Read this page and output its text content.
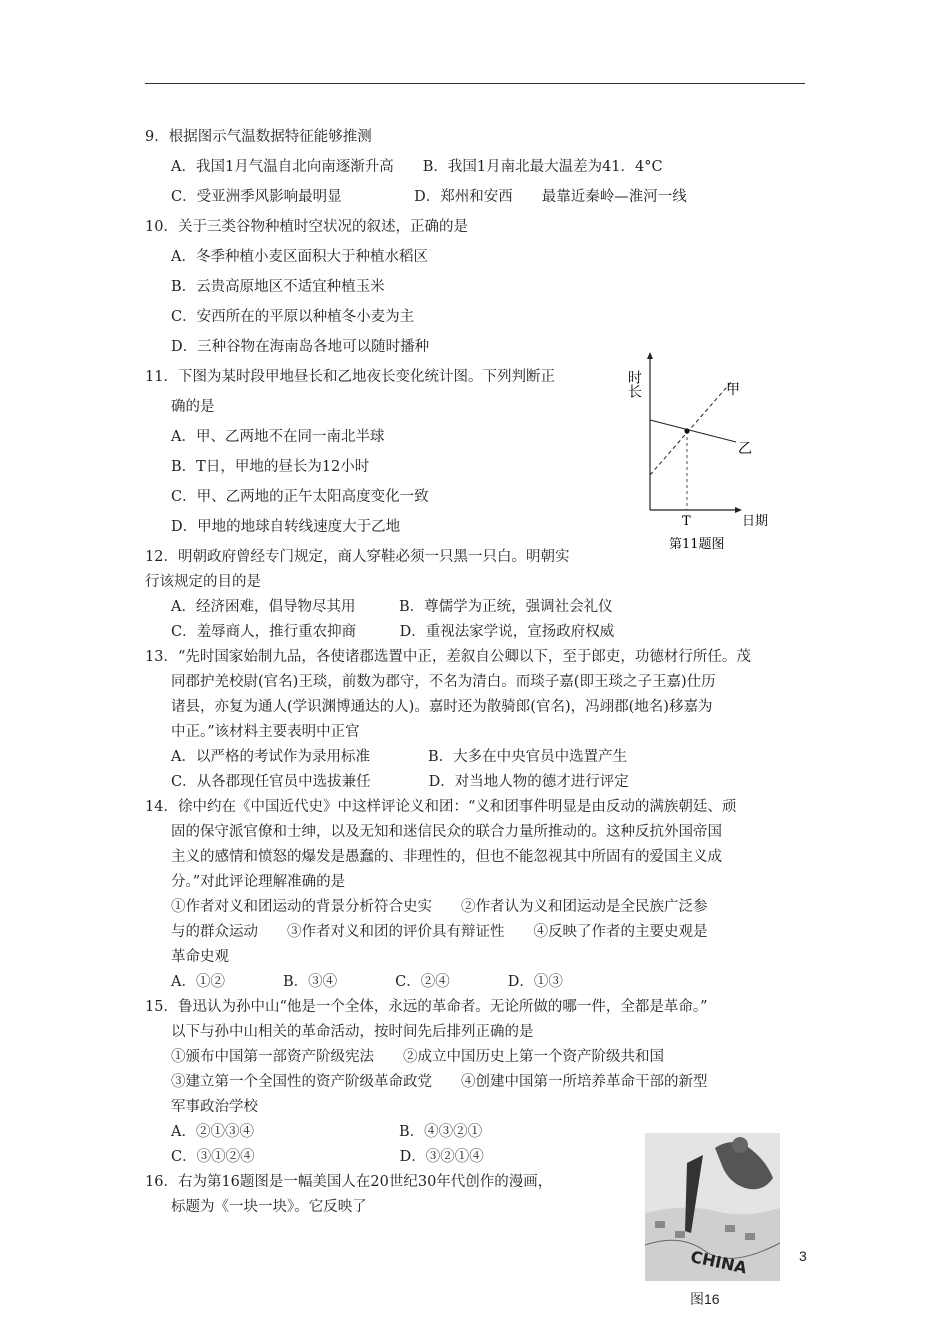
9．根据图示气温数据特征能够推测
A．我国1月气温自北向南逐渐升高　　B．我国1月南北最大温差为41．4°C
C．受亚洲季风影响最明显　　　　　D．郑州和安西　　最靠近秦岭—淮河一线
10．关于三类谷物种植时空状况的叙述，正确的是
A．冬季种植小麦区面积大于种植水稻区
B．云贵高原地区不适宜种植玉米
C．安西所在的平原以种植冬小麦为主
D．三种谷物在海南岛各地可以随时播种
11．下图为某时段甲地昼长和乙地夜长变化统计图。下列判断正
确的是
A．甲、乙两地不在同一南北半球
B．T日，甲地的昼长为12小时
C．甲、乙两地的正午太阳高度变化一致
D．甲地的地球自转线速度大于乙地
时长	甲
乙
T	日期
第11题图
12．明朝政府曾经专门规定，商人穿鞋必须一只黑一只白。明朝实
行该规定的目的是
A．经济困难，倡导物尽其用　　　B．尊儒学为正统，强调社会礼仪
C．羞辱商人，推行重农抑商　　　D．重视法家学说，宣扬政府权威
13．“先时国家始制九品，各使诸郡选置中正，差叙自公卿以下，至于郎吏，功德材行所任。茂
同郡护羌校尉(官名)王琰，前数为郡守，不名为清白。而琰子嘉(即王琰之子王嘉)仕历
诸县，亦复为通人(学识渊博通达的人)。嘉时还为散骑郎(官名)，冯翊郡(地名)移嘉为
中正。”该材料主要表明中正官
A．以严格的考试作为录用标准　　　　B．大多在中央官员中选置产生
C．从各郡现任官员中选拔兼任　　　　D．对当地人物的德才进行评定
14．徐中约在《中国近代史》中这样评论义和团：“义和团事件明显是由反动的满族朝廷、顽
固的保守派官僚和士绅，以及无知和迷信民众的联合力量所推动的。这种反抗外国帝国
主义的感情和愤怒的爆发是愚蠢的、非理性的，但也不能忽视其中所固有的爱国主义成
分。”对此评论理解准确的是
①作者对义和团运动的背景分析符合史实　　②作者认为义和团运动是全民族广泛参
与的群众运动　　③作者对义和团的评价具有辩证性　　④反映了作者的主要史观是
革命史观
A．①②　　　　B．③④　　　　C．②④　　　　D．①③
15．鲁迅认为孙中山“他是一个全体，永远的革命者。无论所做的哪一件，全都是革命。”
以下与孙中山相关的革命活动，按时间先后排列正确的是
①颁布中国第一部资产阶级宪法　　②成立中国历史上第一个资产阶级共和国
③建立第一个全国性的资产阶级革命政党　　④创建中国第一所培养革命干部的新型
军事政治学校
A．②①③④　　　　　　　　　　B．④③②①
C．③①②④　　　　　　　　　　D．③②①④
16．右为第16题图是一幅美国人在20世纪30年代创作的漫画，
标题为《一块一块》。它反映了
CHINA	3
图16
